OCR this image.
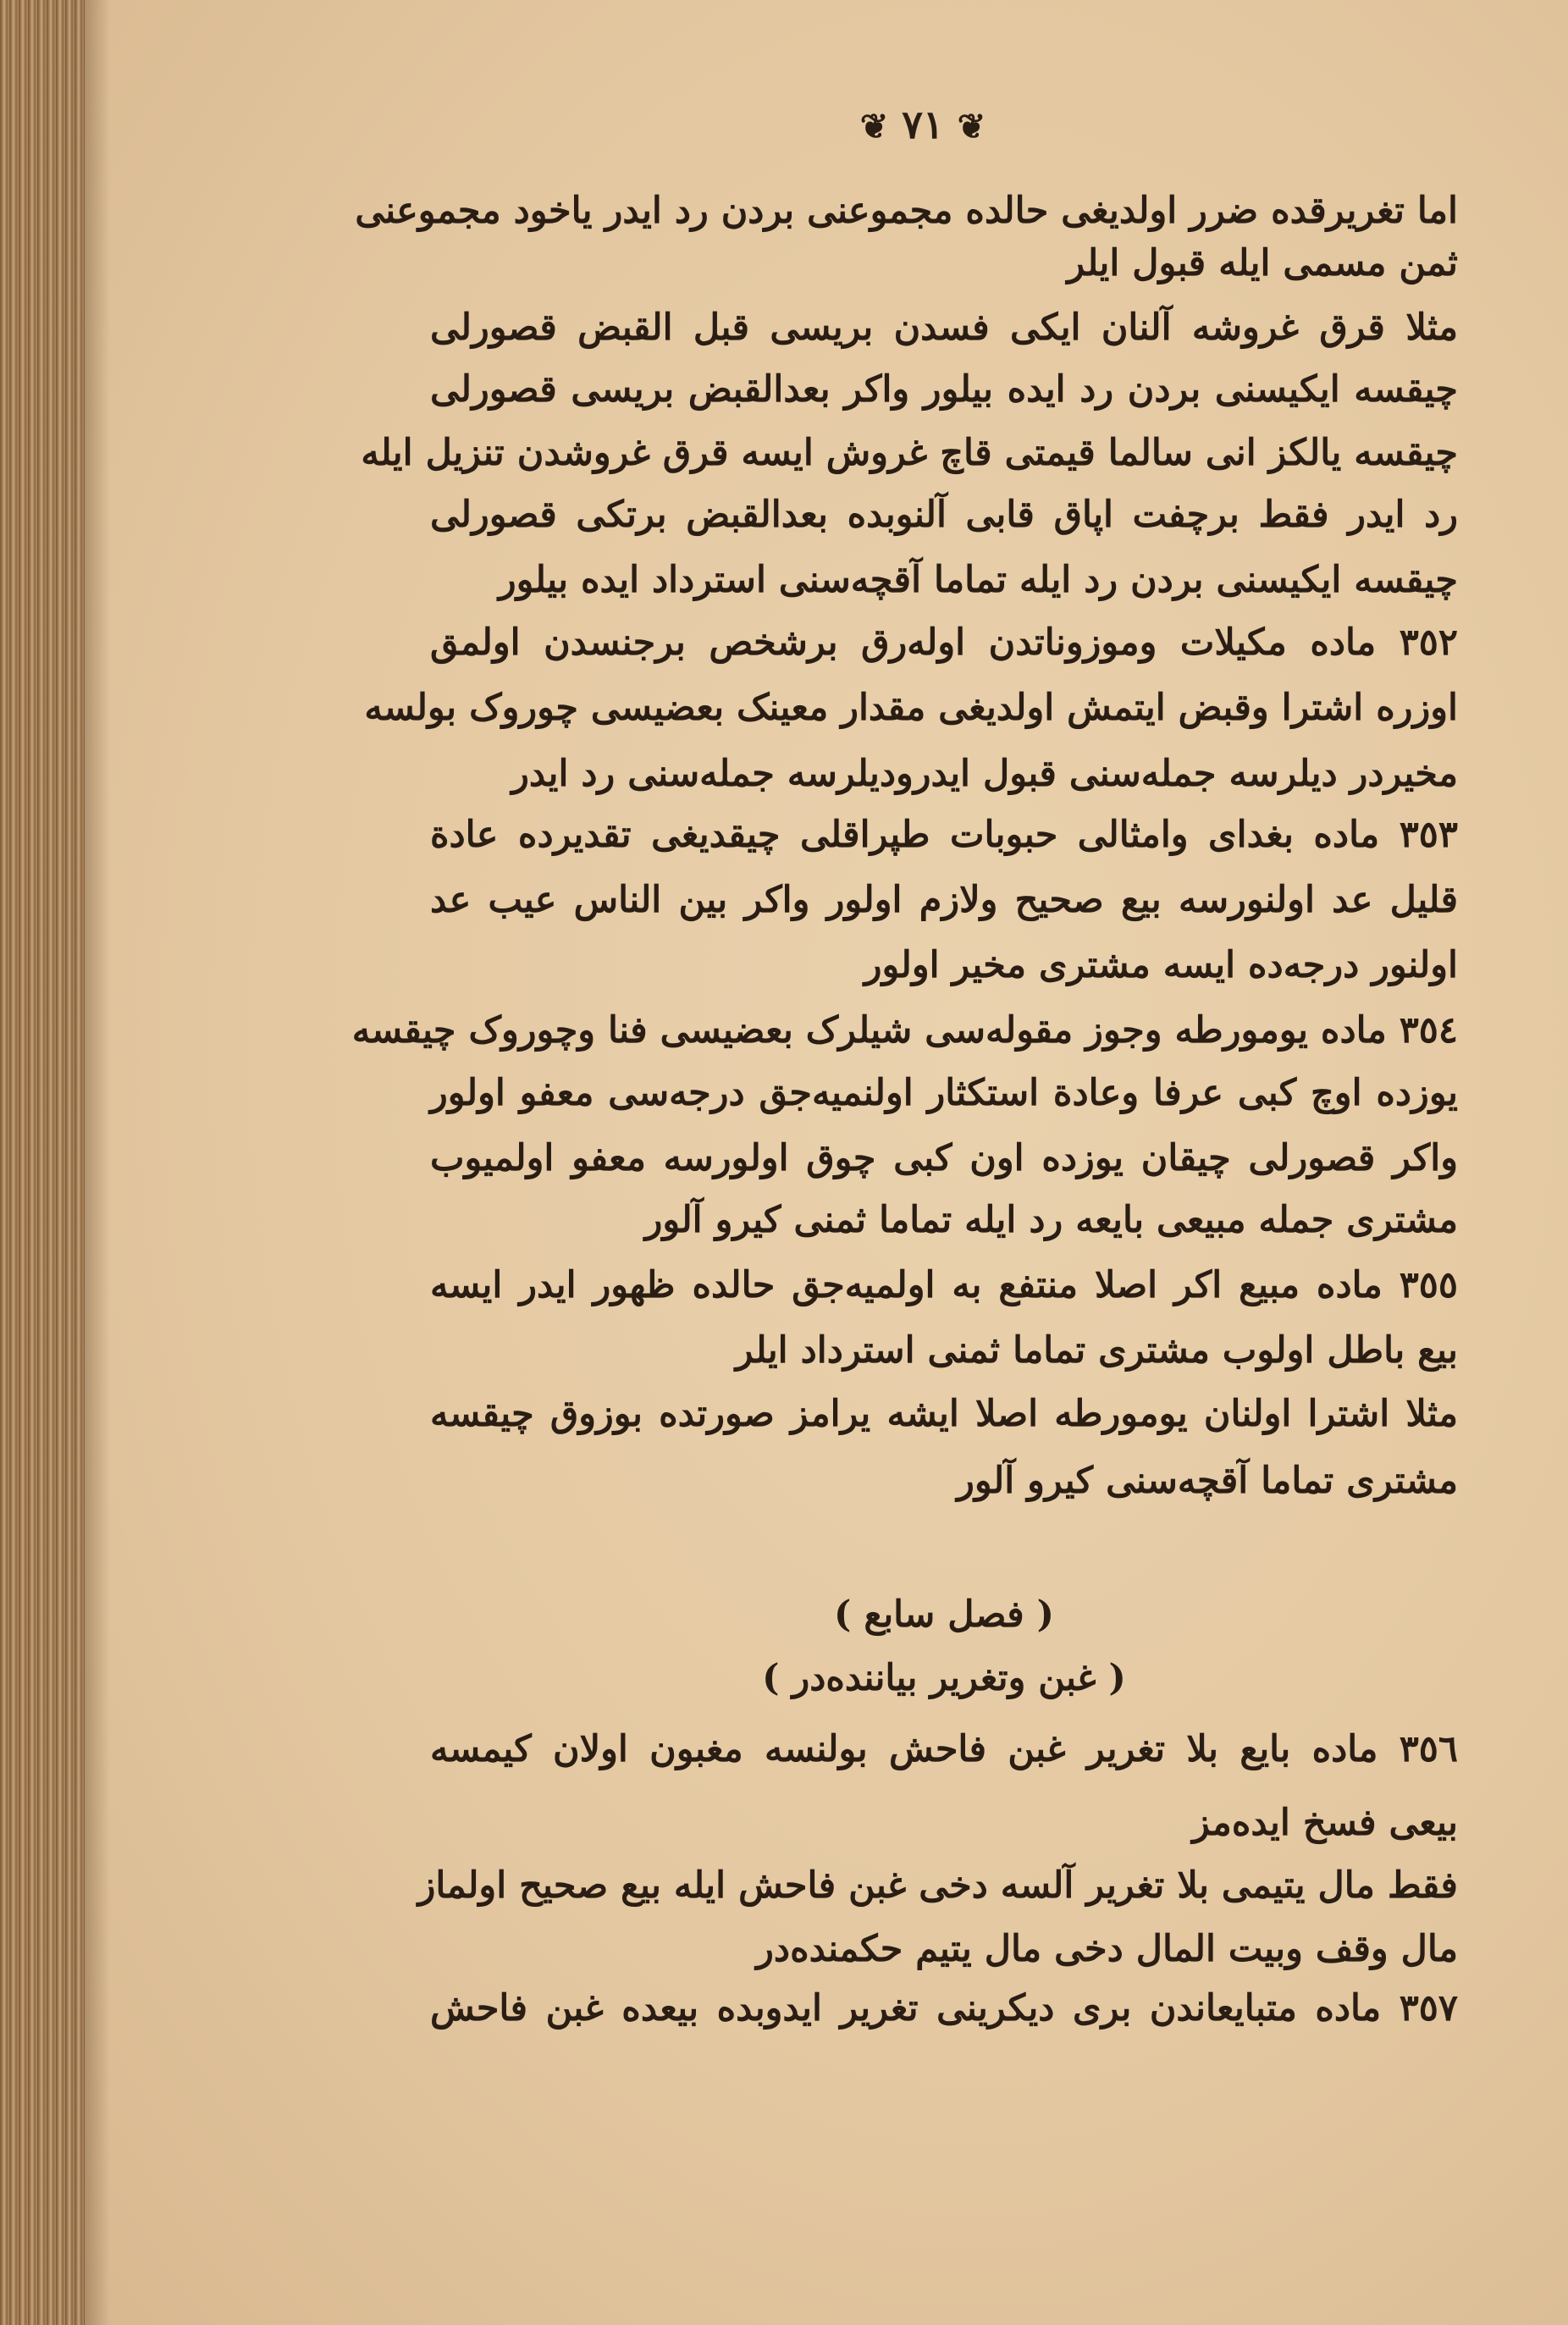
❦ ٧١ ❦
اما تغریرقده ضرر اولدیغی حالده مجموعنی بردن رد ایدر یاخود مجموعنی
ثمن مسمی ایله قبول ایلر
مثلا قرق غروشه آلنان ایکی فسدن بریسی قبل القبض قصورلی
چیقسه ایکیسنی بردن رد ایده بیلور واکر بعدالقبض بریسی قصورلی
چیقسه یالکز انی سالما قیمتی قاچ غروش ایسه قرق غروشدن تنزیل ایله
رد ایدر فقط برچفت اپاق قابی آلنوبده بعدالقبض برتکی قصورلی
چیقسه ایکیسنی بردن رد ایله تماما آقچه‌سنی استرداد ایده بیلور
٣٥٢ ماده مکیلات وموزوناتدن اوله‌رق برشخص برجنسدن اولمق
اوزره اشترا وقبض ایتمش اولدیغی مقدار معینک بعضیسی چوروک بولسه
مخیردر دیلرسه جمله‌سنی قبول ایدرودیلرسه جمله‌سنی رد ایدر
٣٥٣ ماده بغدای وامثالی حبوبات طپراقلی چیقدیغی تقدیرده عادة
قلیل عد اولنورسه بیع صحیح ولازم اولور واکر بین الناس عیب عد
اولنور درجه‌ده ایسه مشتری مخیر اولور
٣٥٤ ماده یومورطه وجوز مقوله‌سی شیلرک بعضیسی فنا وچوروک چیقسه
یوزده اوچ کبی عرفا وعادة استکثار اولنمیه‌جق درجه‌سی معفو اولور
واکر قصورلی چیقان یوزده اون کبی چوق اولورسه معفو اولمیوب
مشتری جمله مبیعی بایعه رد ایله تماما ثمنی کیرو آلور
٣٥٥ ماده مبیع اکر اصلا منتفع به اولمیه‌جق حالده ظهور ایدر ایسه
بیع باطل اولوب مشتری تماما ثمنی استرداد ایلر
مثلا اشترا اولنان یومورطه اصلا ایشه یرامز صورتده بوزوق چیقسه
مشتری تماما آقچه‌سنی کیرو آلور
( فصل سابع )
( غبن وتغریر بیاننده‌در )
٣٥٦ ماده بایع بلا تغریر غبن فاحش بولنسه مغبون اولان کیمسه
بیعی فسخ ایده‌مز
فقط مال یتیمی بلا تغریر آلسه دخی غبن فاحش ایله بیع صحیح اولماز
مال وقف وبیت المال دخی مال یتیم حکمنده‌در
٣٥٧ ماده متبایعاندن بری دیکرینی تغریر ایدوبده بیعده غبن فاحش
